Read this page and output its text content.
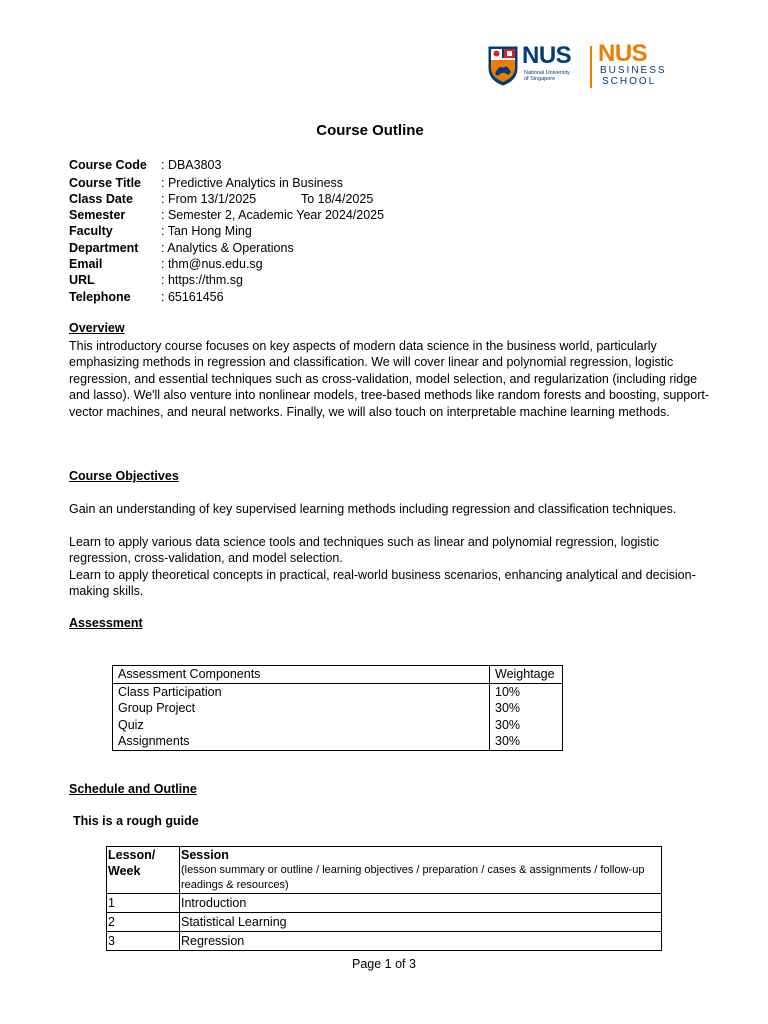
NUS
National University
of Singapore
NUS
BUSINESS
SCHOOL
Course Outline
Course Code : DBA3803
Course Title : Predictive Analytics in Business
Class Date : From 13/1/2025	To 18/4/2025
Semester	: Semester 2, Academic Year 2024/2025
Faculty	: Tan Hong Ming
Department : Analytics & Operations
Email	: thm@nus.edu.sg
URL	: https://thm.sg
Telephone : 65161456
Overview
This introductory course focuses on key aspects of modern data science in the business world, particularly emphasizing methods in regression and classification. We will cover linear and polynomial regression, logistic regression, and essential techniques such as cross-validation, model selection, and regularization (including ridge and lasso). We'll also venture into nonlinear models, tree-based methods like random forests and boosting, support-vector machines, and neural networks. Finally, we will also touch on interpretable machine learning methods.
Course Objectives
Gain an understanding of key supervised learning methods including regression and classification techniques.
Learn to apply various data science tools and techniques such as linear and polynomial regression, logistic regression, cross-validation, and model selection.
Learn to apply theoretical concepts in practical, real-world business scenarios, enhancing analytical and decision-making skills.
Assessment
Assessment Components	Weightage
Class Participation	10%
Group Project	30%
Quiz	30%
Assignments	30%
Schedule and Outline
This is a rough guide
Lesson/
Week	Session
(lesson summary or outline / learning objectives / preparation / cases & assignments / follow-up readings & resources)

1	Introduction
2	Statistical Learning
3	Regression
Page 1 of 3
